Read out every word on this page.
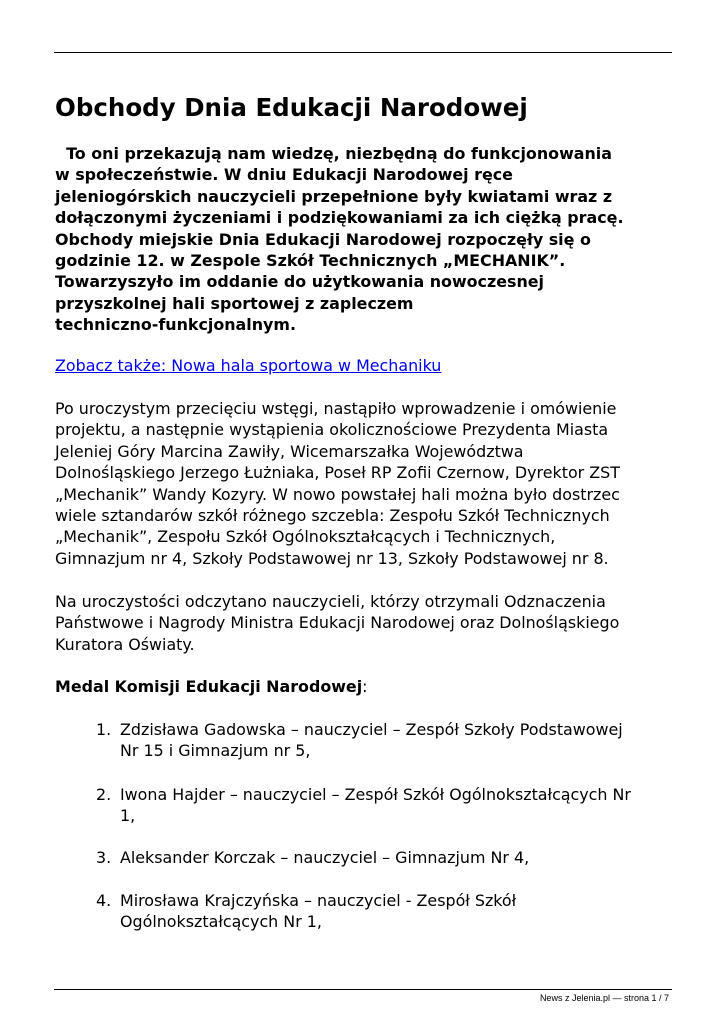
Obchody Dnia Edukacji Narodowej

To oni przekazują nam wiedzę, niezbędną do funkcjonowania
w społeczeństwie. W dniu Edukacji Narodowej ręce
jeleniogórskich nauczycieli przepełnione były kwiatami wraz z
dołączonymi życzeniami i podziękowaniami za ich ciężką pracę.
Obchody miejskie Dnia Edukacji Narodowej rozpoczęły się o
godzinie 12. w Zespole Szkół Technicznych „MECHANIK”.
Towarzyszyło im oddanie do użytkowania nowoczesnej
przyszkolnej hali sportowej z zapleczem
techniczno-funkcjonalnym.

Zobacz także: Nowa hala sportowa w Mechaniku

Po uroczystym przecięciu wstęgi, nastąpiło wprowadzenie i omówienie
projektu, a następnie wystąpienia okolicznościowe Prezydenta Miasta
Jeleniej Góry Marcina Zawiły, Wicemarszałka Województwa
Dolnośląskiego Jerzego Łużniaka, Poseł RP Zofii Czernow, Dyrektor ZST
„Mechanik” Wandy Kozyry. W nowo powstałej hali można było dostrzec
wiele sztandarów szkół różnego szczebla: Zespołu Szkół Technicznych
„Mechanik”, Zespołu Szkół Ogólnokształcących i Technicznych,
Gimnazjum nr 4, Szkoły Podstawowej nr 13, Szkoły Podstawowej nr 8.

Na uroczystości odczytano nauczycieli, którzy otrzymali Odznaczenia
Państwowe i Nagrody Ministra Edukacji Narodowej oraz Dolnośląskiego
Kuratora Oświaty.

Medal Komisji Edukacji Narodowej:

1. Zdzisława Gadowska – nauczyciel – Zespół Szkoły Podstawowej
Nr 15 i Gimnazjum nr 5,
2. Iwona Hajder – nauczyciel – Zespół Szkół Ogólnokształcących Nr
1,
3. Aleksander Korczak – nauczyciel – Gimnazjum Nr 4,
4. Mirosława Krajczyńska – nauczyciel - Zespół Szkół
Ogólnokształcących Nr 1,
News z Jelenia.pl — strona 1 / 7
